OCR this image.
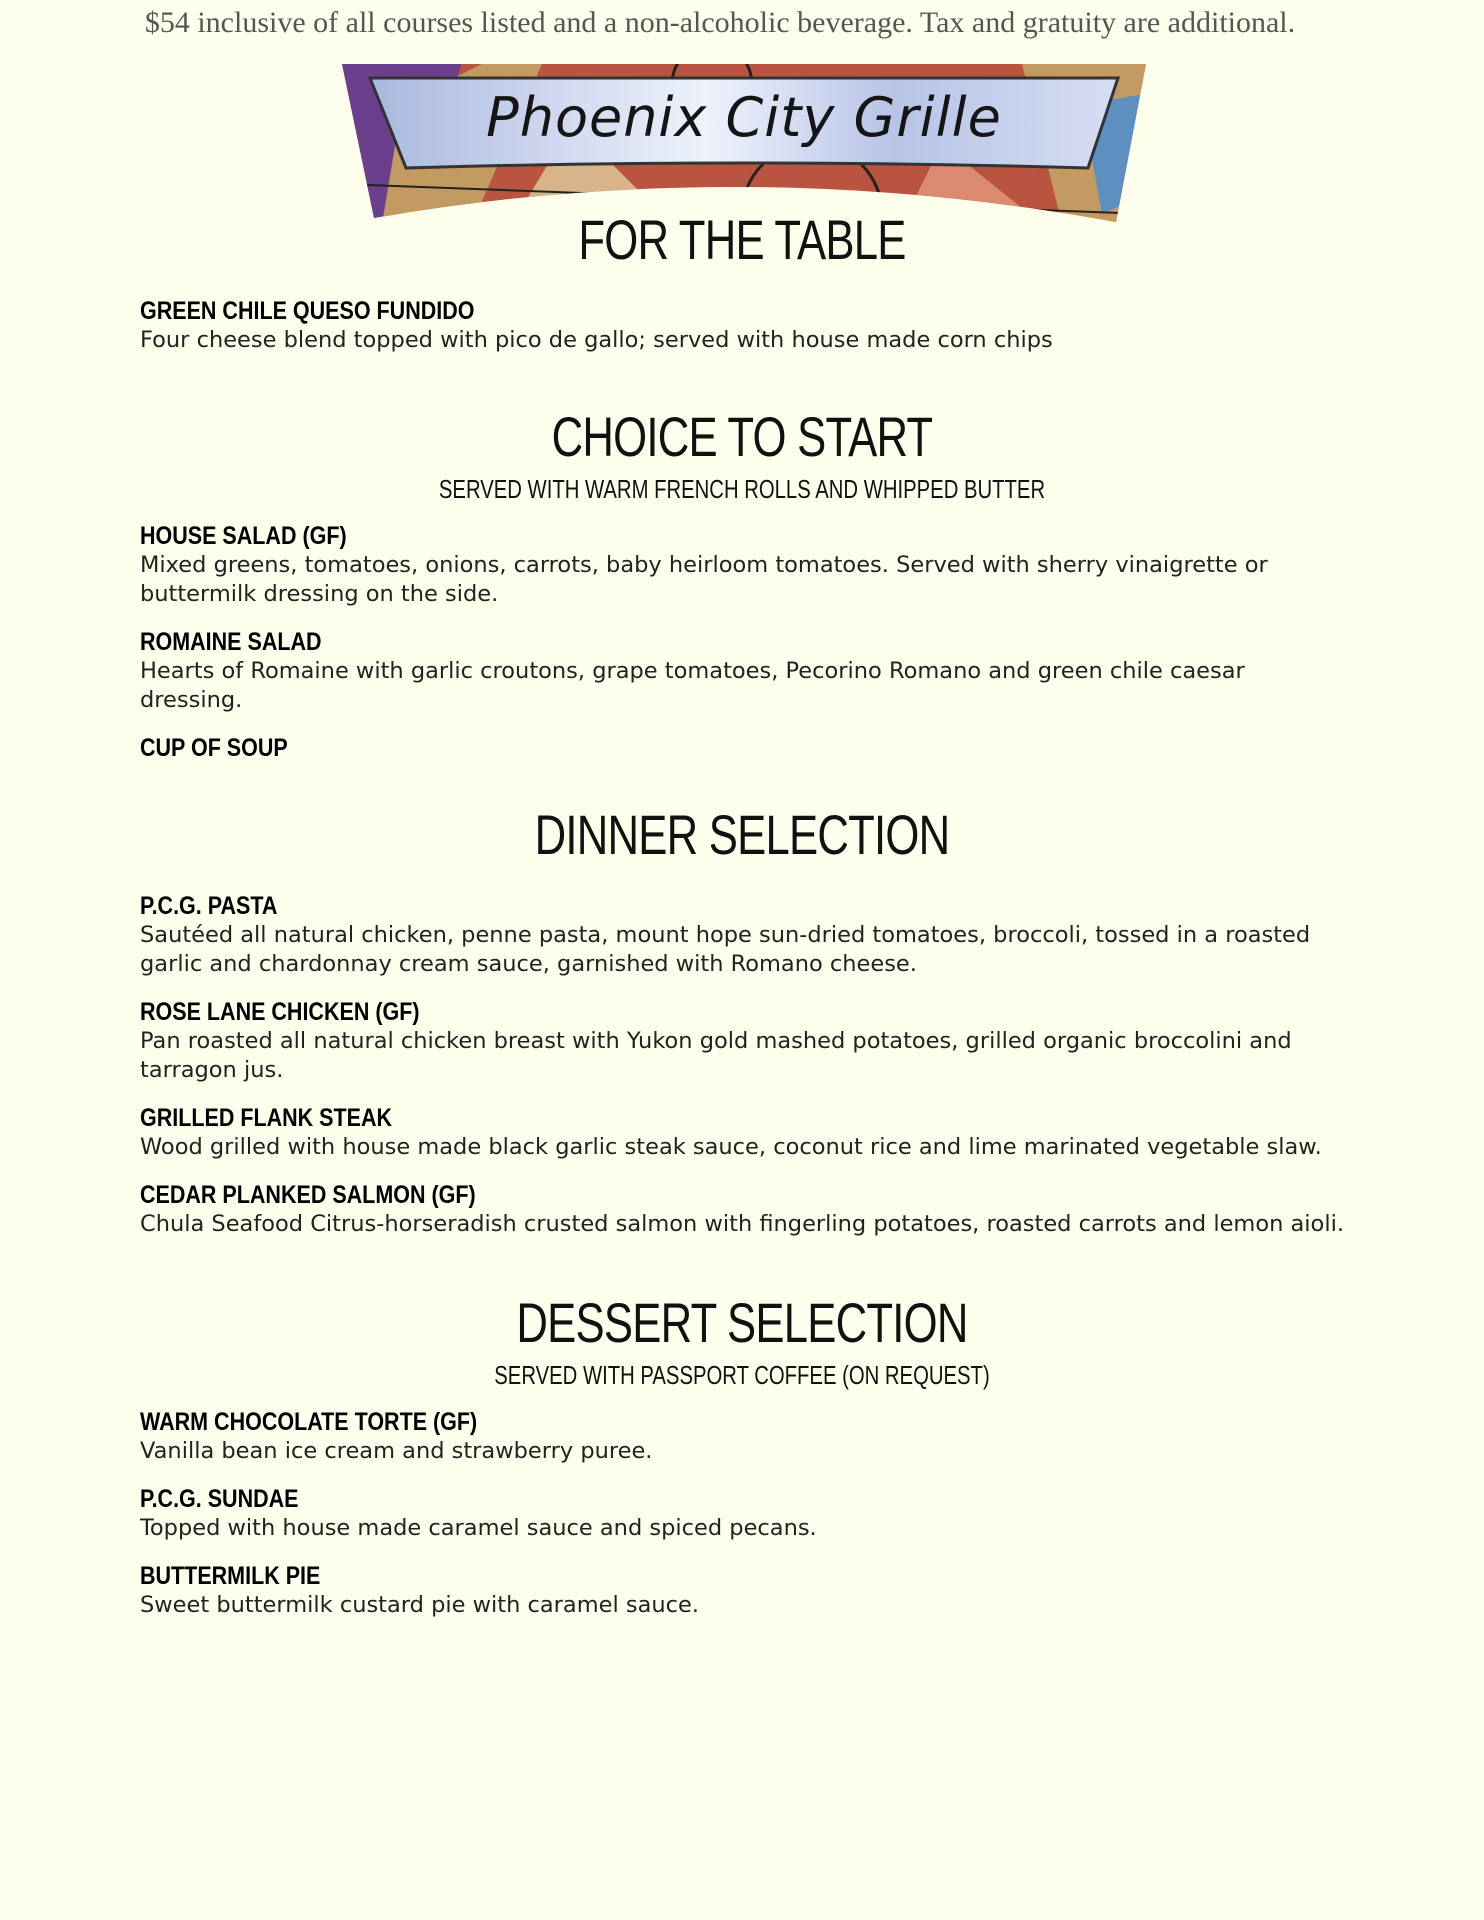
$54 inclusive of all courses listed and a non-alcoholic beverage. Tax and gratuity are additional.
Phoenix City Grille
FOR THE TABLE
GREEN CHILE QUESO FUNDIDO

Four cheese blend topped with pico de gallo; served with house made corn chips

CHOICE TO START

SERVED WITH WARM FRENCH ROLLS AND WHIPPED BUTTER

HOUSE SALAD (GF)

Mixed greens, tomatoes, onions, carrots, baby heirloom tomatoes. Served with sherry vinaigrette or buttermilk dressing on the side.

ROMAINE SALAD

Hearts of Romaine with garlic croutons, grape tomatoes, Pecorino Romano and green chile caesar dressing.

CUP OF SOUP
DINNER SELECTION
P.C.G. PASTA

Sautéed all natural chicken, penne pasta, mount hope sun-dried tomatoes, broccoli, tossed in a roasted garlic and chardonnay cream sauce, garnished with Romano cheese.

ROSE LANE CHICKEN (GF)

Pan roasted all natural chicken breast with Yukon gold mashed potatoes, grilled organic broccolini and tarragon jus.

GRILLED FLANK STEAK

Wood grilled with house made black garlic steak sauce, coconut rice and lime marinated vegetable slaw.

CEDAR PLANKED SALMON (GF)

Chula Seafood Citrus-horseradish crusted salmon with fingerling potatoes, roasted carrots and lemon aioli.

DESSERT SELECTION

SERVED WITH PASSPORT COFFEE (ON REQUEST)

WARM CHOCOLATE TORTE (GF)

Vanilla bean ice cream and strawberry puree.

P.C.G. SUNDAE

Topped with house made caramel sauce and spiced pecans.

BUTTERMILK PIE

Sweet buttermilk custard pie with caramel sauce.
